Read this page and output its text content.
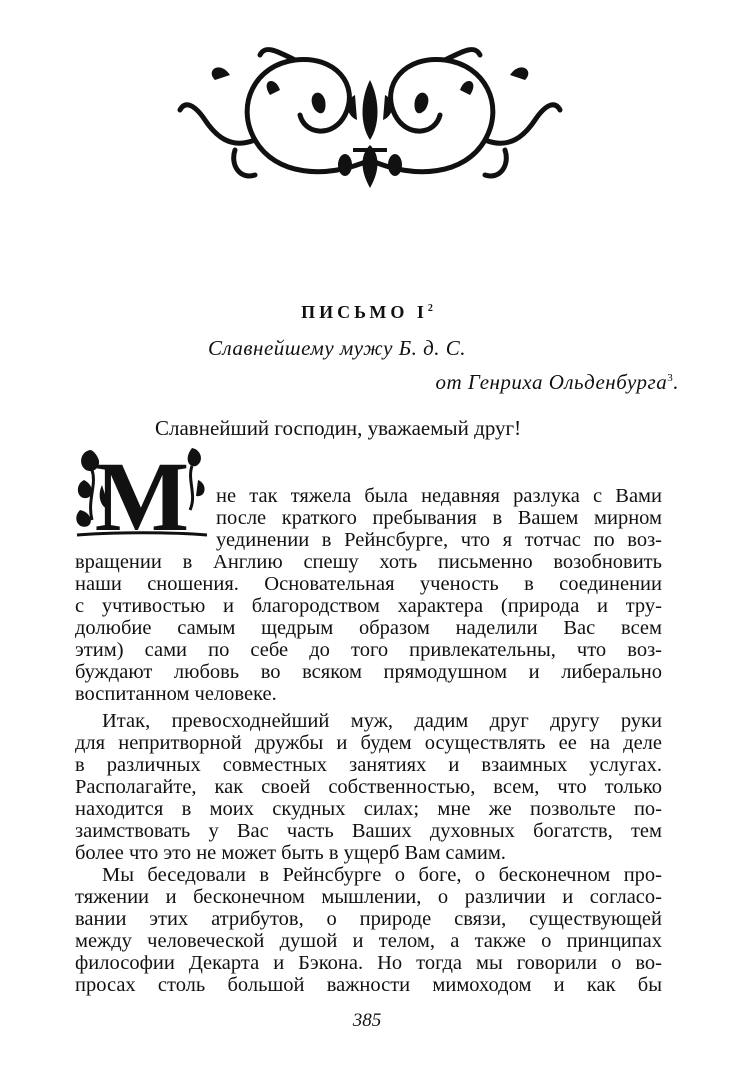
ПИСЬМО $I^2$
Славнейшему мужу Б. д. С.
от Генриха Ольденбурга$^3$.
Славнейший господин, уважаемый друг!
М не так тяжела была недавняя разлука с Вами
после краткого пребывания в Вашем мирном
уединении в Рейнсбурге, что я тотчас по воз-
вращении в Англию спешу хоть письменно возобновить
наши сношения. Основательная ученость в соединении
с учтивостью и благородством характера (природа и тру-
долюбие самым щедрым образом наделили Вас всем
этим) сами по себе до того привлекательны, что воз-
буждают любовь во всяком прямодушном и либерально
воспитанном человеке.
Итак, превосходнейший муж, дадим друг другу руки
для непритворной дружбы и будем осуществлять ее на деле
в различных совместных занятиях и взаимных услугах.
Располагайте, как своей собственностью, всем, что только
находится в моих скудных силах; мне же позвольте по-
заимствовать у Вас часть Ваших духовных богатств, тем
более что это не может быть в ущерб Вам самим.
Мы беседовали в Рейнсбурге о боге, о бесконечном про-
тяжении и бесконечном мышлении, о различии и согласо-
вании этих атрибутов, о природе связи, существующей
между человеческой душой и телом, а также о принципах
философии Декарта и Бэкона. Но тогда мы говорили о во-
просах столь большой важности мимоходом и как бы
385
